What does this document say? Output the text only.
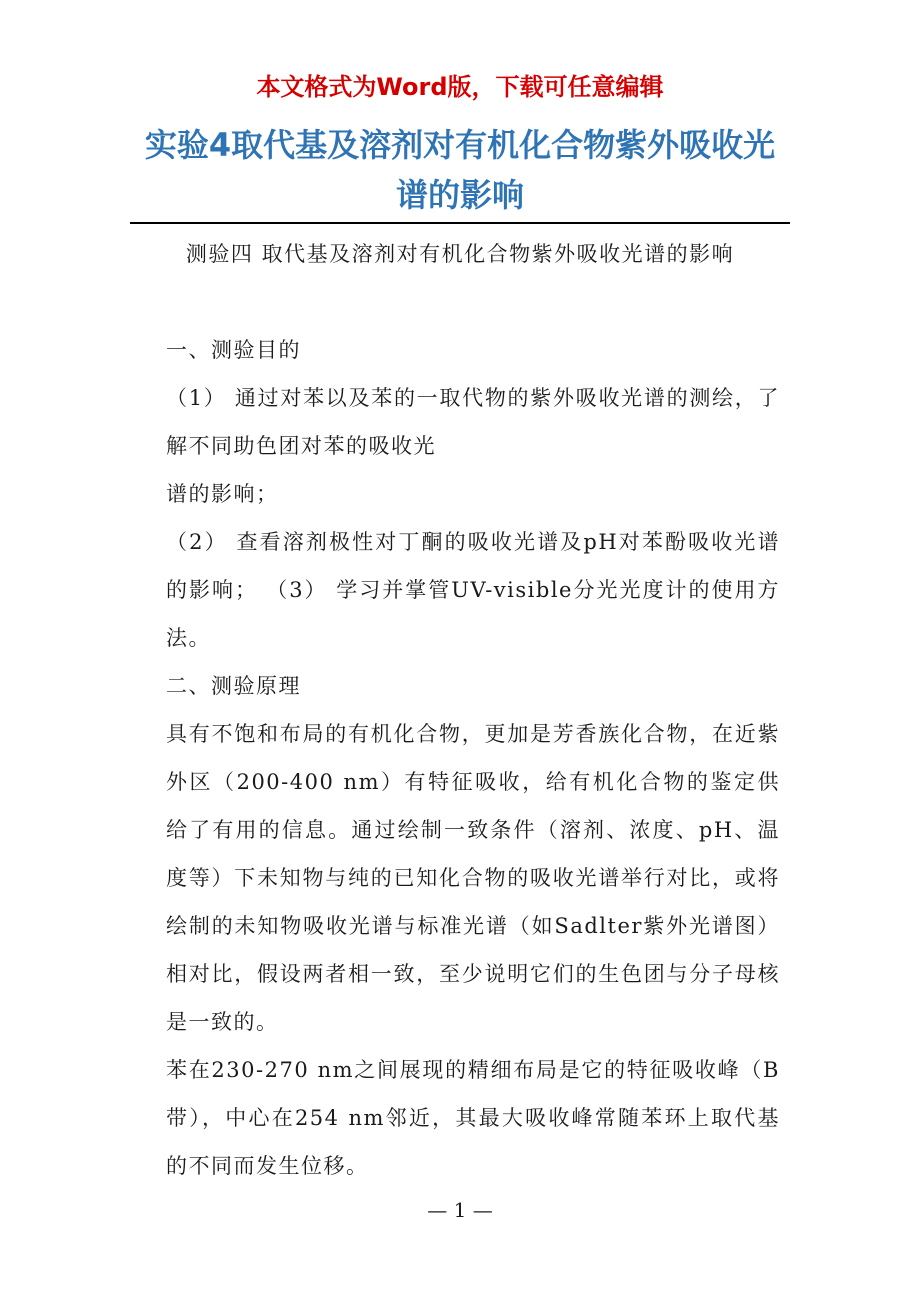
本文格式为Word版，下载可任意编辑
实验4取代基及溶剂对有机化合物紫外吸收光谱的影响

测验四 取代基及溶剂对有机化合物紫外吸收光谱的影响

一、测验目的

（1） 通过对苯以及苯的一取代物的紫外吸收光谱的测绘，了解不同助色团对苯的吸收光

谱的影响；

（2） 查看溶剂极性对丁酮的吸收光谱及pH对苯酚吸收光谱的影响； （3） 学习并掌管UV-visible分光光度计的使用方法。

二、测验原理

具有不饱和布局的有机化合物，更加是芳香族化合物，在近紫外区（200-400 nm）有特征吸收，给有机化合物的鉴定供给了有用的信息。通过绘制一致条件（溶剂、浓度、pH、温度等）下未知物与纯的已知化合物的吸收光谱举行对比，或将绘制的未知物吸收光谱与标准光谱（如Sadlter紫外光谱图）相对比，假设两者相一致，至少说明它们的生色团与分子母核是一致的。

苯在230-270 nm之间展现的精细布局是它的特征吸收峰（B带），中心在254 nm邻近，其最大吸收峰常随苯环上取代基的不同而发生位移。

— 1 —
